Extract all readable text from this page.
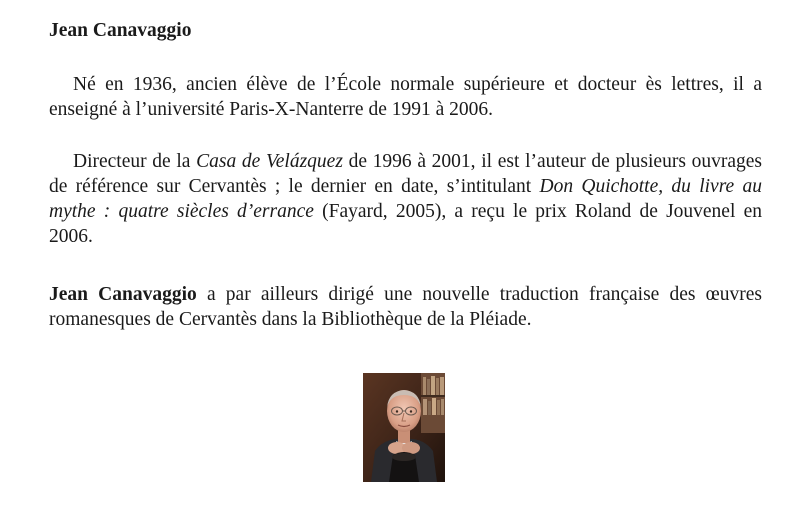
Jean Canavaggio

Né en 1936, ancien élève de l’École normale supérieure et docteur ès lettres, il a enseigné à l’université Paris-X-Nanterre de 1991 à 2006.

Directeur de la Casa de Velázquez de 1996 à 2001, il est l’auteur de plusieurs ouvrages de référence sur Cervantès ; le dernier en date, s’intitulant Don Quichotte, du livre au mythe : quatre siècles d’errance (Fayard, 2005), a reçu le prix Roland de Jouvenel en 2006.

Jean Canavaggio a par ailleurs dirigé une nouvelle traduction française des œuvres romanesques de Cervantès dans la Bibliothèque de la Pléiade.
